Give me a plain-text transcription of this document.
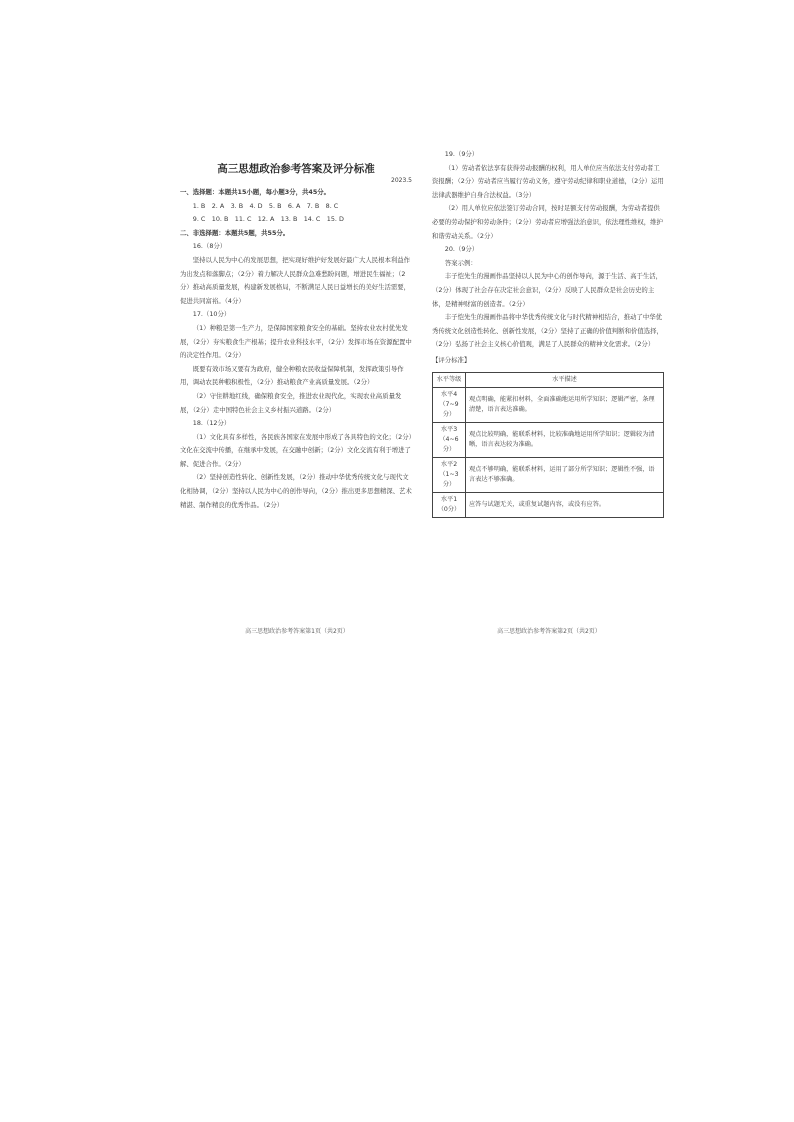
高三思想政治参考答案及评分标准

2023.5

一、选择题：本题共15小题，每小题3分，共45分。

1. B　2. A　3. B　4. D　5. B　6. A　7. B　8. C

9. C　10. B　11. C　12. A　13. B　14. C　15. D

二、非选择题：本题共5题，共55分。

16.（8分）

坚持以人民为中心的发展思想，把实现好维护好发展好最广大人民根本利益作为出发点和落脚点；（2分）着力解决人民群众急难愁盼问题，增进民生福祉；（2分）推动高质量发展，构建新发展格局，不断满足人民日益增长的美好生活需要，促进共同富裕。（4分）

17.（10分）

（1）种粮是第一生产力，是保障国家粮食安全的基础。坚持农业农村优先发展，（2分）夯实粮食生产根基；提升农业科技水平，（2分）发挥市场在资源配置中的决定性作用。（2分）

既要有效市场又要有为政府，健全种粮农民收益保障机制，发挥政策引导作用，调动农民种粮积极性，（2分）推动粮食产业高质量发展。（2分）

（2）守住耕地红线，确保粮食安全，推进农业现代化，实现农业高质量发展，（2分）走中国特色社会主义乡村振兴道路。（2分）

18.（12分）

（1）文化具有多样性，各民族各国家在发展中形成了各具特色的文化；（2分）文化在交流中传播，在继承中发展，在交融中创新；（2分）文化交流有利于增进了解、促进合作。（2分）

（2）坚持创造性转化、创新性发展，（2分）推动中华优秀传统文化与现代文化相协调，（2分）坚持以人民为中心的创作导向，（2分）推出更多思想精深、艺术精湛、制作精良的优秀作品。（2分）

19.（9分）

（1）劳动者依法享有获得劳动报酬的权利，用人单位应当依法支付劳动者工资报酬；（2分）劳动者应当履行劳动义务，遵守劳动纪律和职业道德，（2分）运用法律武器维护自身合法权益。（3分）

（2）用人单位应依法签订劳动合同，按时足额支付劳动报酬，为劳动者提供必要的劳动保护和劳动条件；（2分）劳动者应增强法治意识，依法理性维权，维护和谐劳动关系。（2分）

20.（9分）

答案示例：

丰子恺先生的漫画作品坚持以人民为中心的创作导向，源于生活、高于生活，（2分）体现了社会存在决定社会意识，（2分）反映了人民群众是社会历史的主体，是精神财富的创造者。（2分）

丰子恺先生的漫画作品将中华优秀传统文化与时代精神相结合，推动了中华优秀传统文化创造性转化、创新性发展，（2分）坚持了正确的价值判断和价值选择，（2分）弘扬了社会主义核心价值观，满足了人民群众的精神文化需求。（2分）

【评分标准】

水平等级	水平描述
水平4
（7~9分）	观点明确，能紧扣材料，全面准确地运用所学知识；逻辑严密，条理清楚，语言表达准确。
水平3
（4~6分）	观点比较明确，能联系材料，比较准确地运用所学知识；逻辑较为清晰，语言表达较为准确。
水平2
（1~3分）	观点不够明确，能联系材料，运用了部分所学知识；逻辑性不强，语言表达不够准确。
水平1
（0分）	应答与试题无关，或重复试题内容，或没有应答。
高三思想政治参考答案第1页（共2页）	高三思想政治参考答案第2页（共2页）
